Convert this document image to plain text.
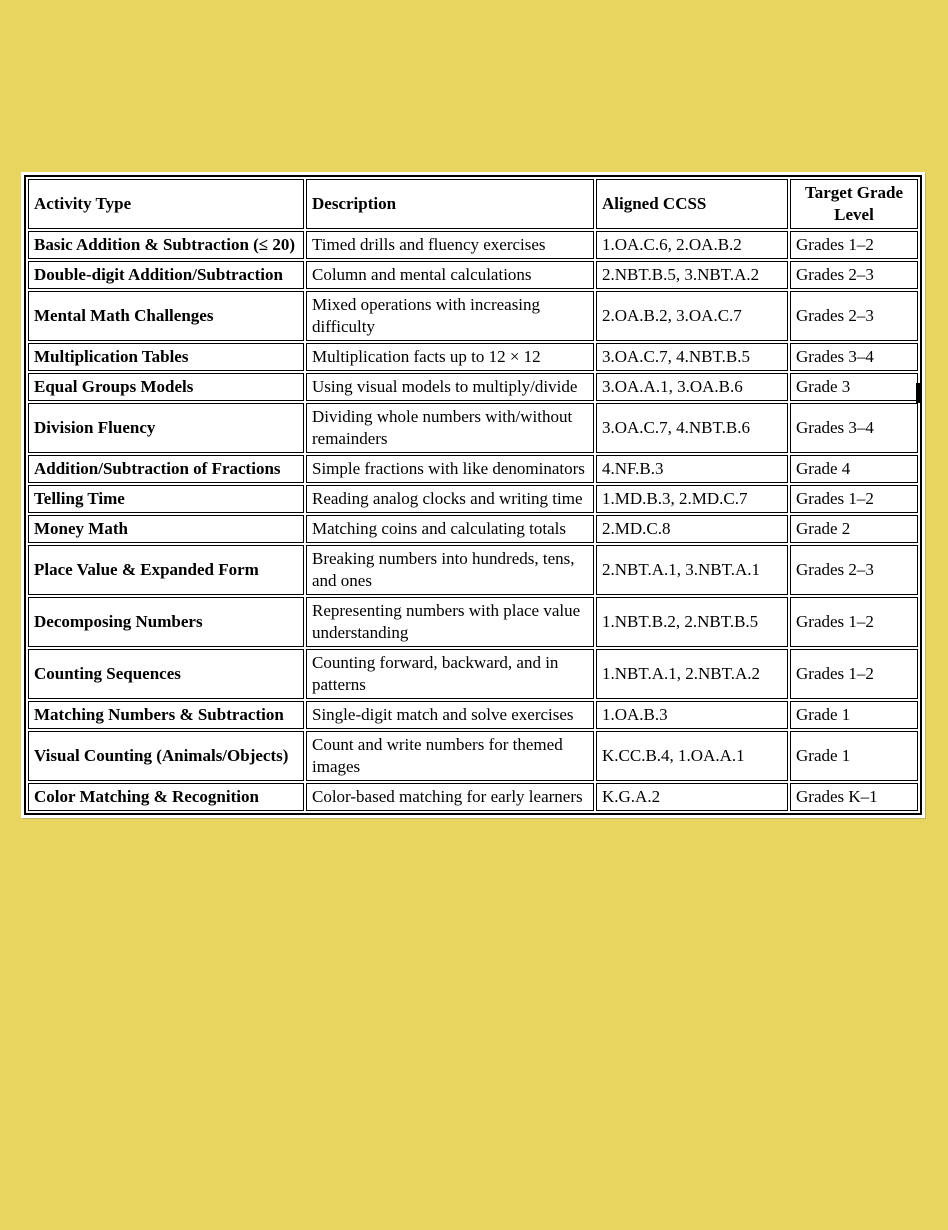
Activity Type	Description	Aligned CCSS	Target Grade Level
Basic Addition & Subtraction (≤ 20)	Timed drills and fluency exercises	1.OA.C.6, 2.OA.B.2	Grades 1–2
Double-digit Addition/Subtraction	Column and mental calculations	2.NBT.B.5, 3.NBT.A.2	Grades 2–3
Mental Math Challenges	Mixed operations with increasing difficulty	2.OA.B.2, 3.OA.C.7	Grades 2–3
Multiplication Tables	Multiplication facts up to 12 × 12	3.OA.C.7, 4.NBT.B.5	Grades 3–4
Equal Groups Models	Using visual models to multiply/divide	3.OA.A.1, 3.OA.B.6	Grade 3
Division Fluency	Dividing whole numbers with/without remainders	3.OA.C.7, 4.NBT.B.6	Grades 3–4
Addition/Subtraction of Fractions	Simple fractions with like denominators	4.NF.B.3	Grade 4
Telling Time	Reading analog clocks and writing time	1.MD.B.3, 2.MD.C.7	Grades 1–2
Money Math	Matching coins and calculating totals	2.MD.C.8	Grade 2
Place Value & Expanded Form	Breaking numbers into hundreds, tens, and ones	2.NBT.A.1, 3.NBT.A.1	Grades 2–3
Decomposing Numbers	Representing numbers with place value understanding	1.NBT.B.2, 2.NBT.B.5	Grades 1–2
Counting Sequences	Counting forward, backward, and in patterns	1.NBT.A.1, 2.NBT.A.2	Grades 1–2
Matching Numbers & Subtraction	Single-digit match and solve exercises	1.OA.B.3	Grade 1
Visual Counting (Animals/Objects)	Count and write numbers for themed images	K.CC.B.4, 1.OA.A.1	Grade 1
Color Matching & Recognition	Color-based matching for early learners	K.G.A.2	Grades K–1
